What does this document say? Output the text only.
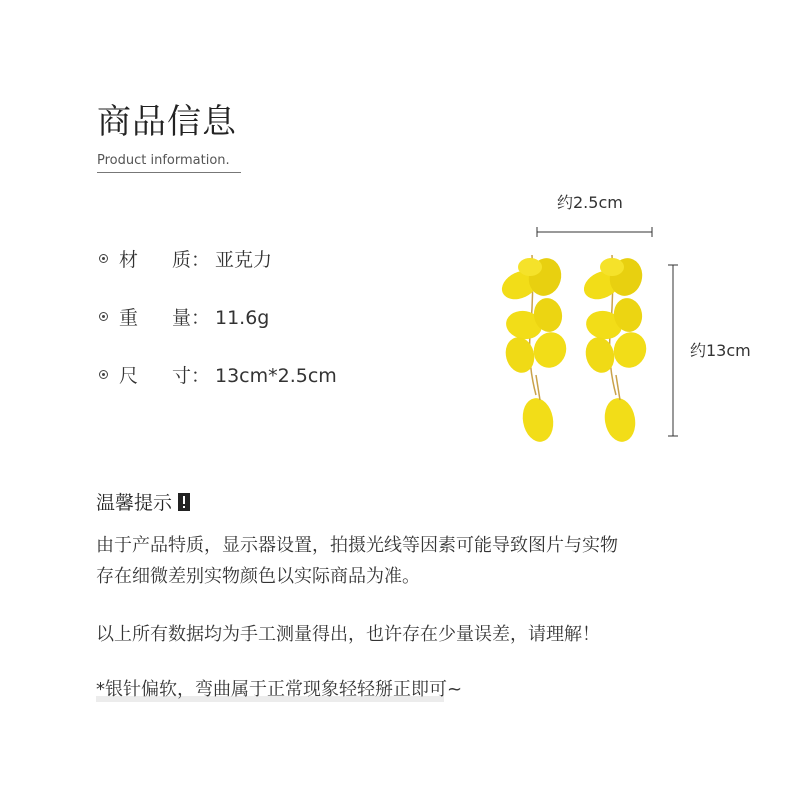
商品信息
Product information.
材 质： 亚克力
重 量： 11.6g
尺 寸： 13cm*2.5cm
约2.5cm
约13cm
温馨提示
由于产品特质，显示器设置，拍摄光线等因素可能导致图片与实物
存在细微差别实物颜色以实际商品为准。
以上所有数据均为手工测量得出，也许存在少量误差，请理解！
*银针偏软，弯曲属于正常现象轻轻掰正即可~
